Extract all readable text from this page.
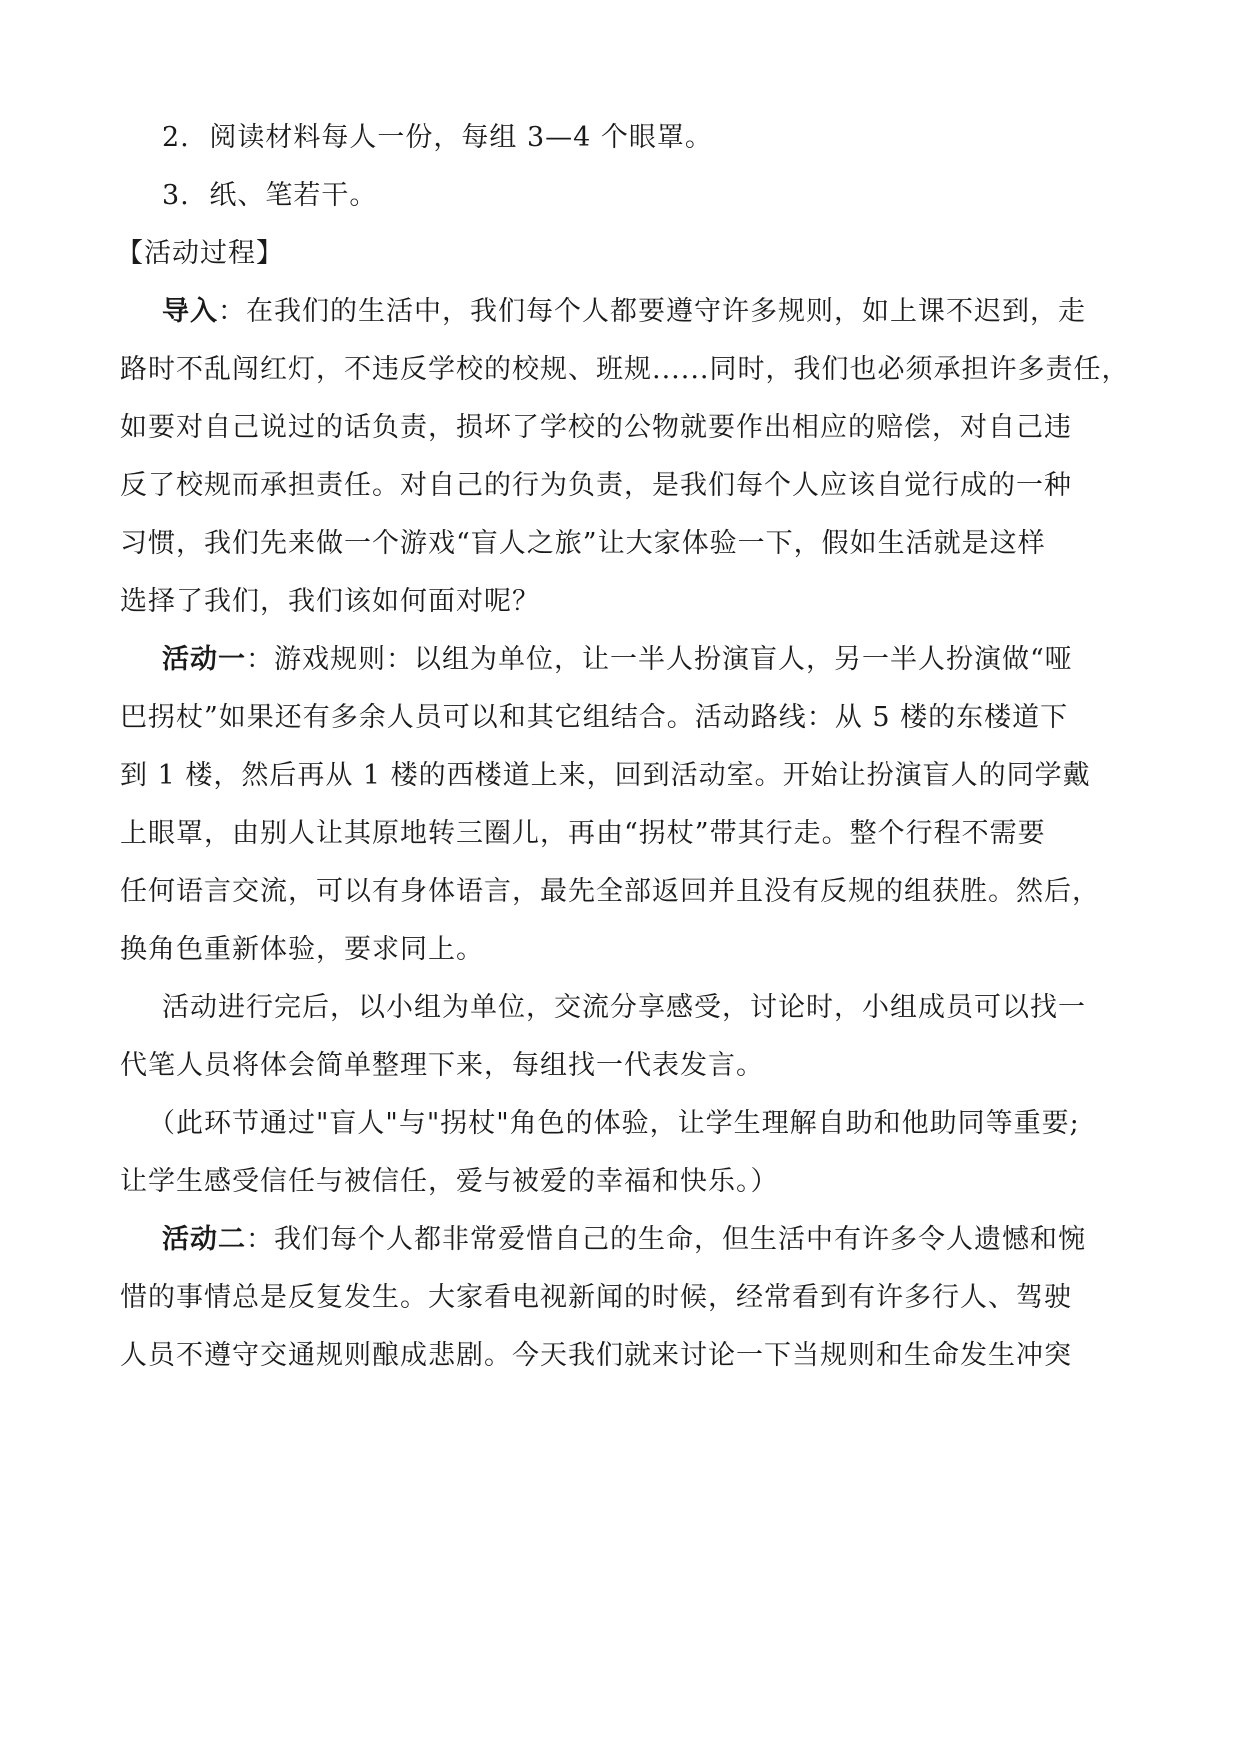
2. 阅读材料每人一份，每组 3—4 个眼罩。
3. 纸、笔若干。
【活动过程】
导入：在我们的生活中，我们每个人都要遵守许多规则，如上课不迟到，走
路时不乱闯红灯，不违反学校的校规、班规......同时，我们也必须承担许多责任，
如要对自己说过的话负责，损坏了学校的公物就要作出相应的赔偿，对自己违
反了校规而承担责任。对自己的行为负责，是我们每个人应该自觉行成的一种
习惯，我们先来做一个游戏“盲人之旅”让大家体验一下，假如生活就是这样
选择了我们，我们该如何面对呢？
活动一：游戏规则：以组为单位，让一半人扮演盲人，另一半人扮演做“哑
巴拐杖”如果还有多余人员可以和其它组结合。活动路线：从 5 楼的东楼道下
到 1 楼，然后再从 1 楼的西楼道上来，回到活动室。开始让扮演盲人的同学戴
上眼罩，由别人让其原地转三圈儿，再由“拐杖”带其行走。整个行程不需要
任何语言交流，可以有身体语言，最先全部返回并且没有反规的组获胜。然后，
换角色重新体验，要求同上。
活动进行完后，以小组为单位，交流分享感受，讨论时，小组成员可以找一
代笔人员将体会简单整理下来，每组找一代表发言。
（此环节通过"盲人"与"拐杖"角色的体验，让学生理解自助和他助同等重要;
让学生感受信任与被信任，爱与被爱的幸福和快乐。）
活动二：我们每个人都非常爱惜自己的生命，但生活中有许多令人遗憾和惋
惜的事情总是反复发生。大家看电视新闻的时候，经常看到有许多行人、驾驶
人员不遵守交通规则酿成悲剧。今天我们就来讨论一下当规则和生命发生冲突
